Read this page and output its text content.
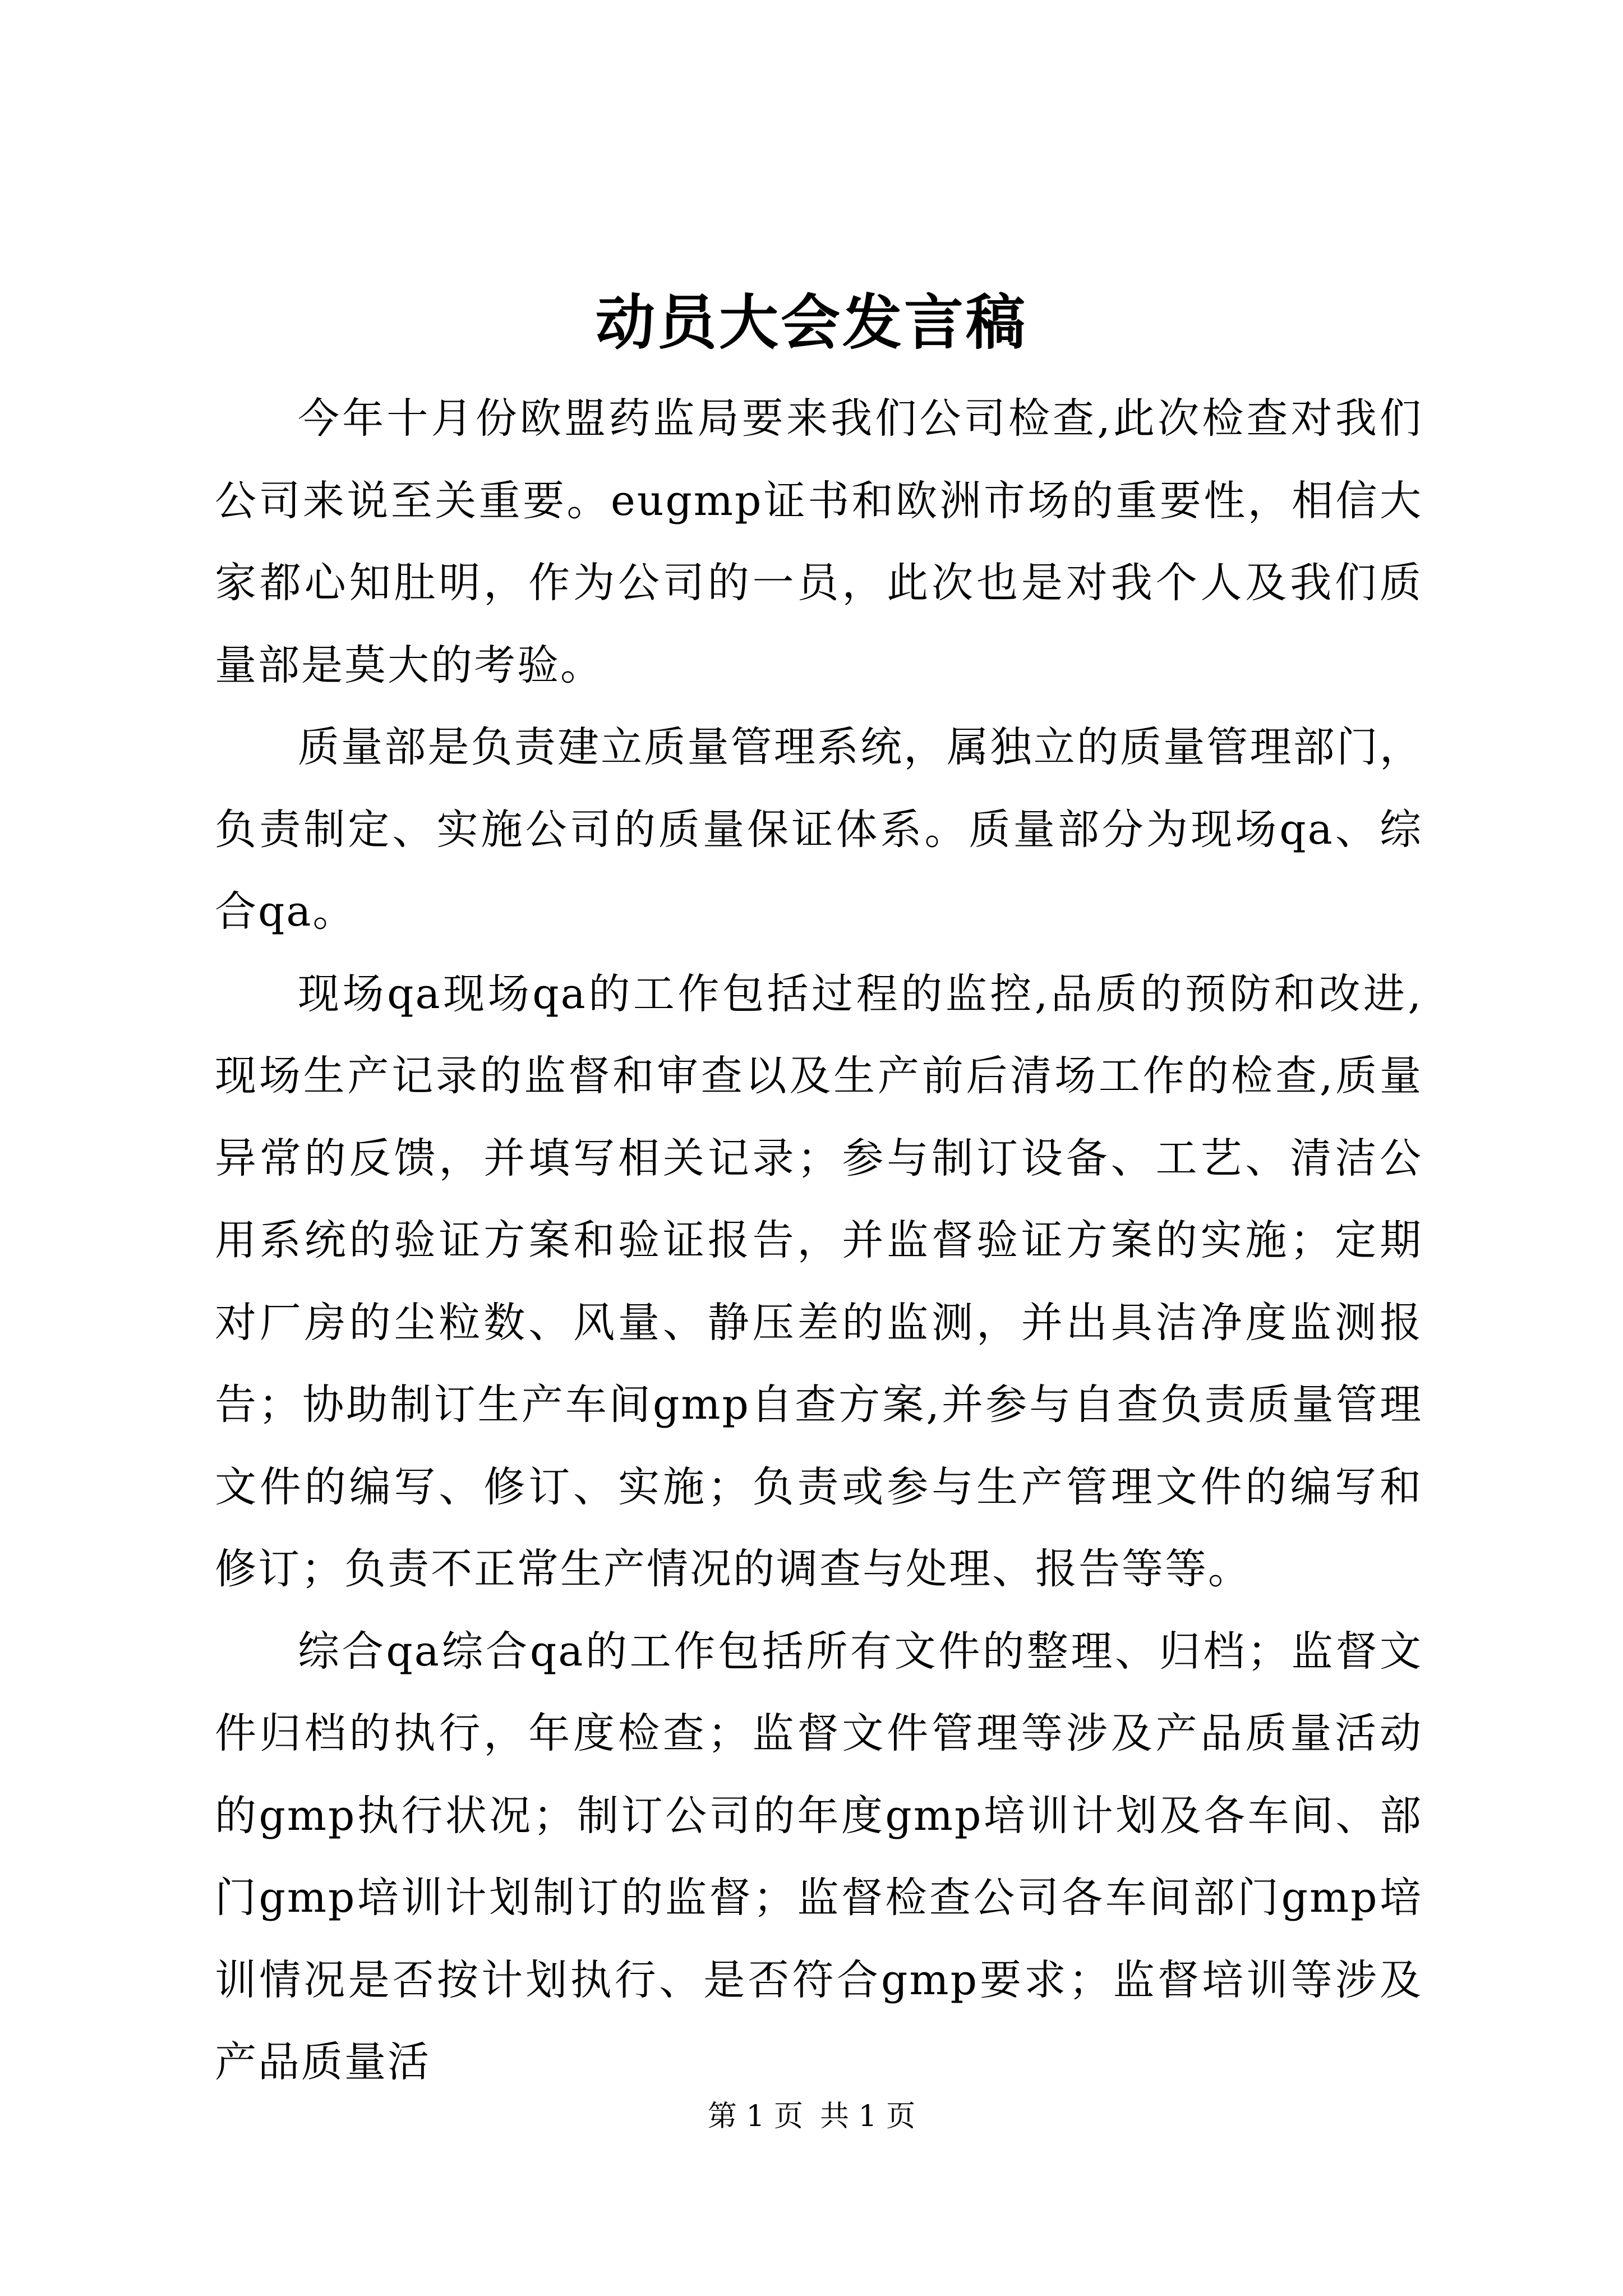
动员大会发言稿

今年十月份欧盟药监局要来我们公司检查,此次检查对我们公司来说至关重要。eugmp证书和欧洲市场的重要性，相信大家都心知肚明，作为公司的一员，此次也是对我个人及我们质量部是莫大的考验。

质量部是负责建立质量管理系统，属独立的质量管理部门，负责制定、实施公司的质量保证体系。质量部分为现场qa、综合qa。

现场qa现场qa的工作包括过程的监控,品质的预防和改进,现场生产记录的监督和审查以及生产前后清场工作的检查,质量异常的反馈，并填写相关记录；参与制订设备、工艺、清洁公用系统的验证方案和验证报告，并监督验证方案的实施；定期对厂房的尘粒数、风量、静压差的监测，并出具洁净度监测报告；协助制订生产车间gmp自查方案,并参与自查负责质量管理文件的编写、修订、实施；负责或参与生产管理文件的编写和修订；负责不正常生产情况的调查与处理、报告等等。

综合qa综合qa的工作包括所有文件的整理、归档；监督文件归档的执行，年度检查；监督文件管理等涉及产品质量活动的gmp执行状况；制订公司的年度gmp培训计划及各车间、部门gmp培训计划制订的监督；监督检查公司各车间部门gmp培训情况是否按计划执行、是否符合gmp要求；监督培训等涉及产品质量活

第 1 页 共 1 页
